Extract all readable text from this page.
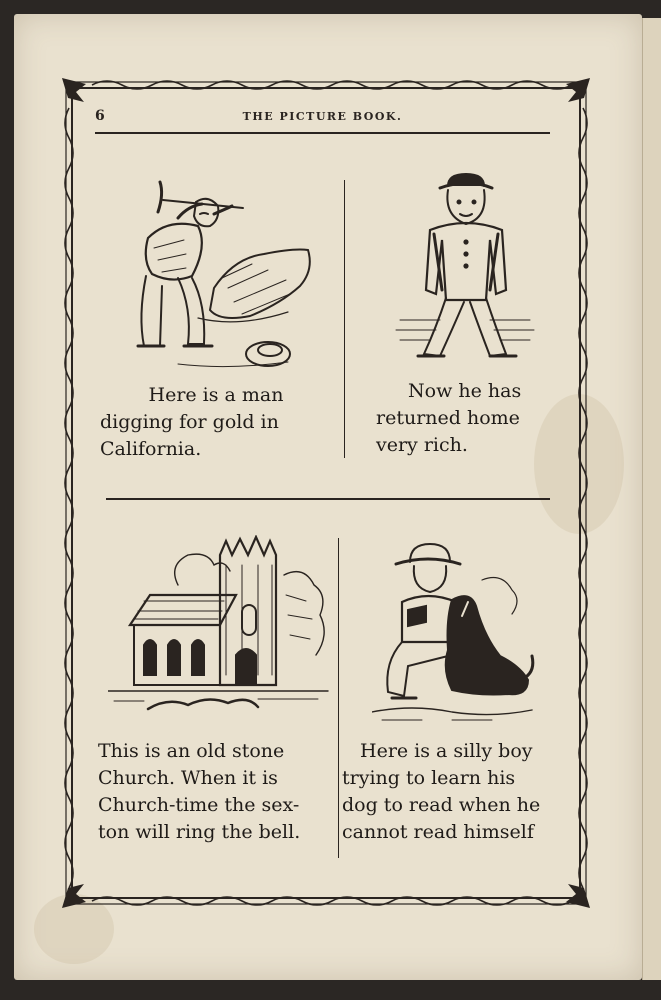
6	THE PICTURE BOOK.
Here is a man
digging for gold in
California.
Now he has
returned home
very rich.
This is an old stone
Church. When it is
Church-time the sex-
ton will ring the bell.
Here is a silly boy
trying to learn his
dog to read when he
cannot read himself
